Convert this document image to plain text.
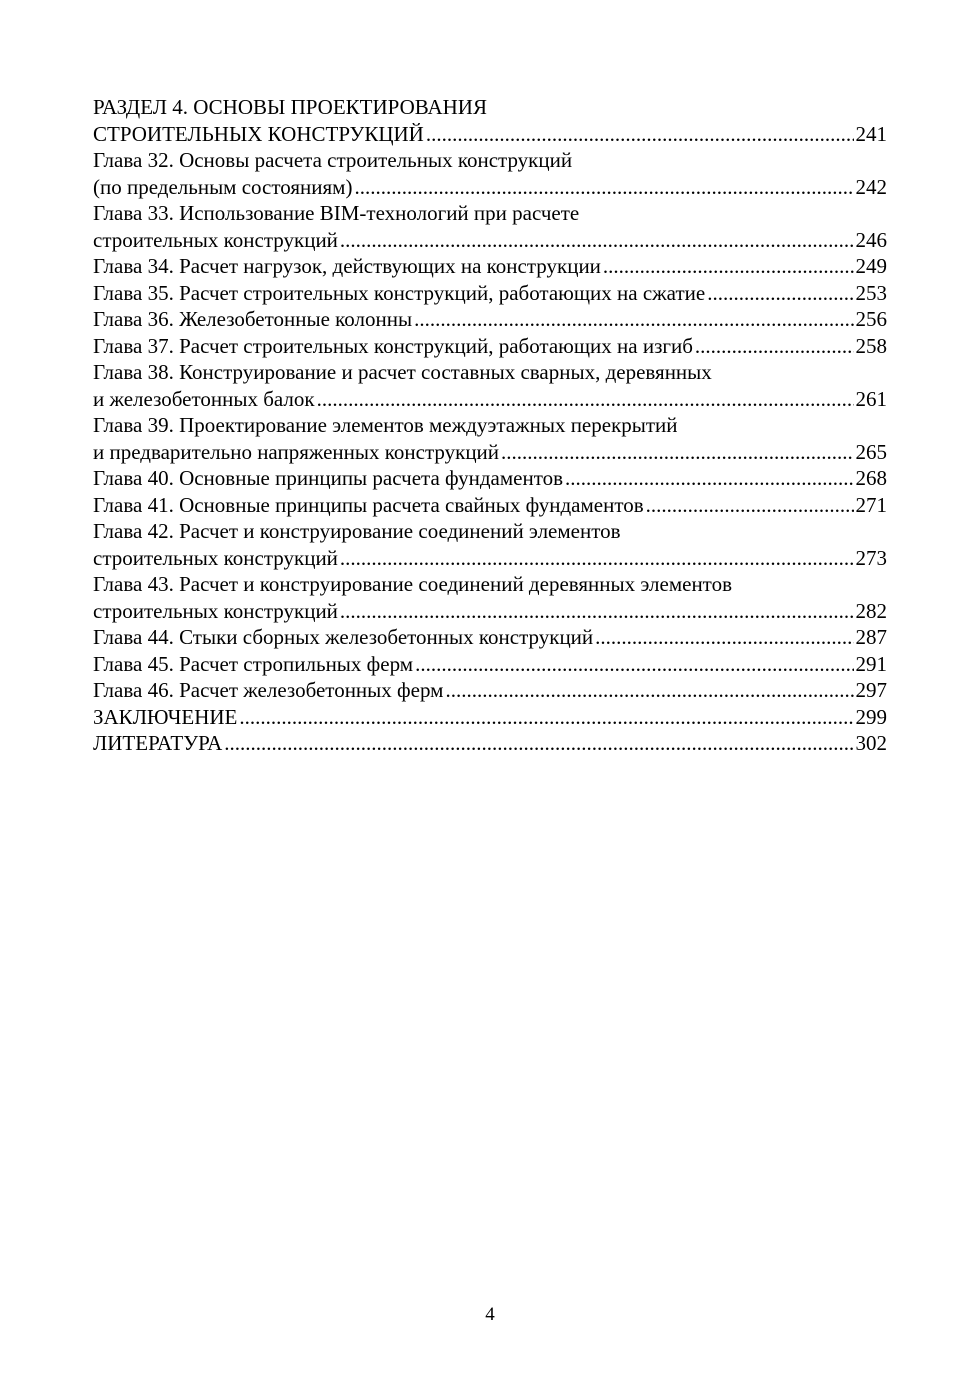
РАЗДЕЛ 4. ОСНОВЫ ПРОЕКТИРОВАНИЯ
СТРОИТЕЛЬНЫХ КОНСТРУКЦИЙ .....	241
Глава 32. Основы расчета строительных конструкций
(по предельным состояниям) .....	242
Глава 33. Использование BIM-технологий при расчете
строительных конструкций .....	246
Глава 34. Расчет нагрузок, действующих на конструкции .....	249
Глава 35. Расчет строительных конструкций, работающих на сжатие .....	253
Глава 36. Железобетонные колонны .....	256
Глава 37. Расчет строительных конструкций, работающих на изгиб .....	258
Глава 38. Конструирование и расчет составных сварных, деревянных
и железобетонных балок .....	261
Глава 39. Проектирование элементов междуэтажных перекрытий
и предварительно напряженных конструкций .....	265
Глава 40. Основные принципы расчета фундаментов .....	268
Глава 41. Основные принципы расчета свайных фундаментов .....	271
Глава 42. Расчет и конструирование соединений элементов
строительных конструкций .....	273
Глава 43. Расчет и конструирование соединений деревянных элементов
строительных конструкций .....	282
Глава 44. Стыки сборных железобетонных конструкций .....	287
Глава 45. Расчет стропильных ферм .....	291
Глава 46. Расчет железобетонных ферм .....	297
ЗАКЛЮЧЕНИЕ .....	299
ЛИТЕРАТУРА .....	302
4
